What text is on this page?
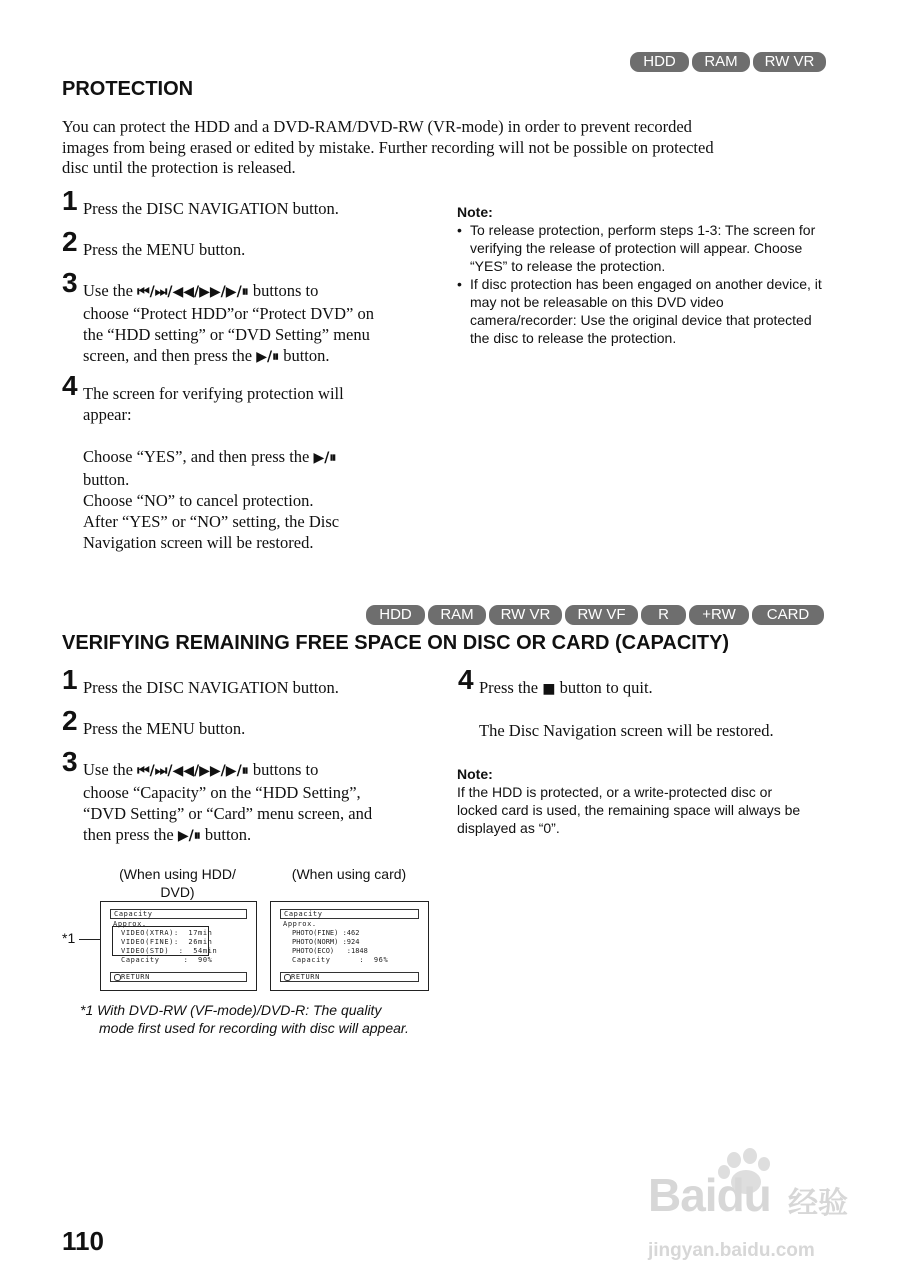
HDD	RAM	RW VR
PROTECTION
You can protect the HDD and a DVD-RAM/DVD-RW (VR-mode) in order to prevent recorded
images from being erased or edited by mistake. Further recording will not be possible on protected
disc until the protection is released.
1 Press the DISC NAVIGATION button.
2 Press the MENU button.
3 Use the ⏮/⏭/◀◀/▶▶/▶/⏸ buttons to
choose “Protect HDD”or “Protect DVD” on
the “HDD setting” or “DVD Setting” menu
screen, and then press the ▶/⏸ button.
4 The screen for verifying protection will
appear:
Choose “YES”, and then press the ▶/⏸
button.
Choose “NO” to cancel protection.
After “YES” or “NO” setting, the Disc
Navigation screen will be restored.
Note:
• To release protection, perform steps 1-3: The screen for verifying the release of protection will appear. Choose “YES” to release the protection.
• If disc protection has been engaged on another device, it may not be releasable on this DVD video camera/recorder: Use the original device that protected the disc to release the protection.
HDD	RAM	RW VR	RW VF	R	+RW	CARD
VERIFYING REMAINING FREE SPACE ON DISC OR CARD (CAPACITY)
1 Press the DISC NAVIGATION button.
2 Press the MENU button.
3 Use the ⏮/⏭/◀◀/▶▶/▶/⏸ buttons to
choose “Capacity” on the “HDD Setting”,
“DVD Setting” or “Card” menu screen, and
then press the ▶/⏸ button.
4 Press the ■ button to quit.
The Disc Navigation screen will be restored.
Note:
If the HDD is protected, or a write-protected disc or
locked card is used, the remaining space will always be
displayed as “0”.
(When using HDD/
DVD)
(When using card)
*1
Capacity
Approx.
VIDEO(XTRA):  17min
VIDEO(FINE):  26min
VIDEO(STD)  :  54min
Capacity     :  90%
RETURN
Capacity
Approx.
PHOTO(FINE) :462
PHOTO(NORM) :924
PHOTO(ECO)   :1848
Capacity      :  96%
RETURN
*1 With DVD-RW (VF-mode)/DVD-R: The quality
mode first used for recording with disc will appear.
110
Baidu 经验
jingyan.baidu.com
